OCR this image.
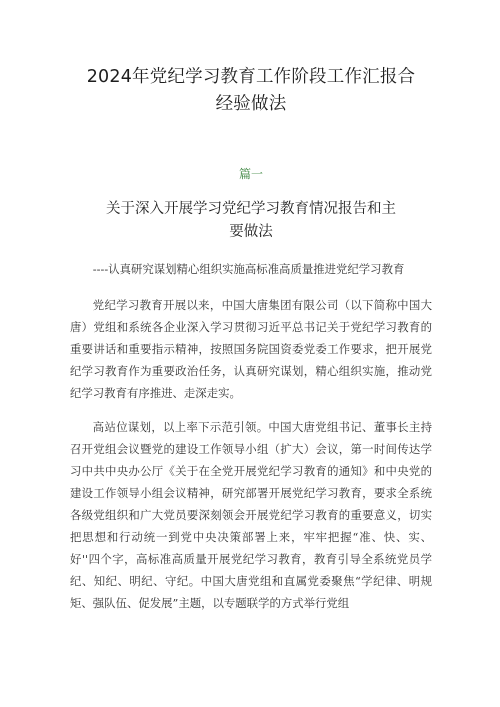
2024年党纪学习教育工作阶段工作汇报合
经验做法
篇一
关于深入开展学习党纪学习教育情况报告和主
要做法

----认真研究谋划精心组织实施高标准高质量推进党纪学习教育

党纪学习教育开展以来，中国大唐集团有限公司（以下简称中国大唐）党组和系统各企业深入学习贯彻习近平总书记关于党纪学习教育的重要讲话和重要指示精神，按照国务院国资委党委工作要求，把开展党纪学习教育作为重要政治任务，认真研究谋划，精心组织实施，推动党纪学习教育有序推进、走深走实。

高站位谋划，以上率下示范引领。中国大唐党组书记、董事长主持召开党组会议暨党的建设工作领导小组（扩大）会议，第一时间传达学习中共中央办公厅《关于在全党开展党纪学习教育的通知》和中央党的建设工作领导小组会议精神，研究部署开展党纪学习教育，要求全系统各级党组织和广大党员要深刻领会开展党纪学习教育的重要意义，切实把思想和行动统一到党中央决策部署上来，牢牢把握“准、快、实、好''四个字，高标准高质量开展党纪学习教育，教育引导全系统党员学纪、知纪、明纪、守纪。中国大唐党组和直属党委聚焦“学纪律、明规矩、强队伍、促发展”主题，以专题联学的方式举行党组
